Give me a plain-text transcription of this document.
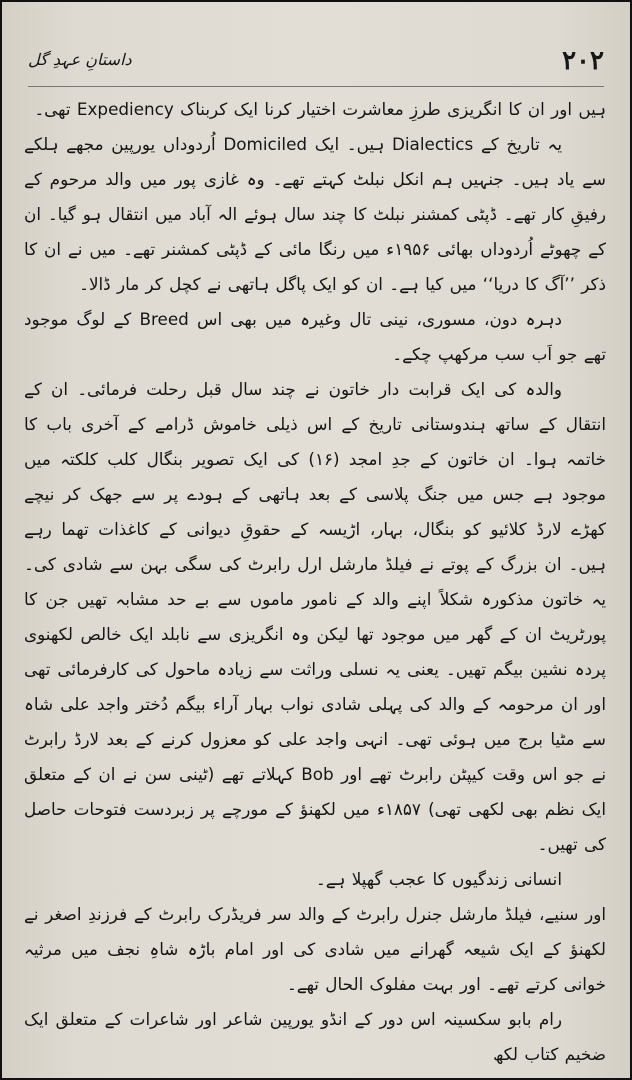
۲۰۲
داستانِ عہدِ گل

ہیں اور ان کا انگریزی طرزِ معاشرت اختیار کرنا ایک کربناک Expediency تھی۔

یہ تاریخ کے Dialectics ہیں۔ ایک Domiciled اُردوداں یورپین مجھے ہلکے سے یاد ہیں۔ جنہیں ہم انکل نبلٹ کہتے تھے۔ وہ غازی پور میں والد مرحوم کے رفیقِ کار تھے۔ ڈپٹی کمشنر نبلٹ کا چند سال ہوئے الہ آباد میں انتقال ہو گیا۔ ان کے چھوٹے اُردوداں بھائی ۱۹۵۶ء میں رنگا مائی کے ڈپٹی کمشنر تھے۔ میں نے ان کا ذکر ’’آگ کا دریا‘‘ میں کیا ہے۔ ان کو ایک پاگل ہاتھی نے کچل کر مار ڈالا۔

دہرہ دون، مسوری، نینی تال وغیرہ میں بھی اس Breed کے لوگ موجود تھے جو اَب سب مرکھپ چکے۔

والدہ کی ایک قرابت دار خاتون نے چند سال قبل رحلت فرمائی۔ ان کے انتقال کے ساتھ ہندوستانی تاریخ کے اس ذیلی خاموش ڈرامے کے آخری باب کا خاتمہ ہوا۔ ان خاتون کے جدِ امجد (۱۶) کی ایک تصویر بنگال کلب کلکتہ میں موجود ہے جس میں جنگ پلاسی کے بعد ہاتھی کے ہودے پر سے جھک کر نیچے کھڑے لارڈ کلائیو کو بنگال، بہار، اڑیسہ کے حقوقِ دیوانی کے کاغذات تھما رہے ہیں۔ ان بزرگ کے پوتے نے فیلڈ مارشل ارل رابرٹ کی سگی بہن سے شادی کی۔ یہ خاتون مذکورہ شکلاً اپنے والد کے نامور ماموں سے بے حد مشابہ تھیں جن کا پورٹریٹ ان کے گھر میں موجود تھا لیکن وہ انگریزی سے نابلد ایک خالص لکھنوی پردہ نشین بیگم تھیں۔ یعنی یہ نسلی وراثت سے زیادہ ماحول کی کارفرمائی تھی اور ان مرحومہ کے والد کی پہلی شادی نواب بہار آراء بیگم دُختر واجد علی شاہ سے مٹیا برج میں ہوئی تھی۔ انہی واجد علی کو معزول کرنے کے بعد لارڈ رابرٹ نے جو اس وقت کیپٹن رابرٹ تھے اور Bob کہلاتے تھے (ٹینی سن نے ان کے متعلق ایک نظم بھی لکھی تھی) ۱۸۵۷ء میں لکھنؤ کے مورچے پر زبردست فتوحات حاصل کی تھیں۔

انسانی زندگیوں کا عجب گھپلا ہے۔

اور سنیے، فیلڈ مارشل جنرل رابرٹ کے والد سر فریڈرک رابرٹ کے فرزندِ اصغر نے لکھنؤ کے ایک شیعہ گھرانے میں شادی کی اور امام باڑہ شاہِ نجف میں مرثیہ خوانی کرتے تھے۔ اور بہت مفلوک الحال تھے۔

رام بابو سکسینہ اس دور کے انڈو یورپین شاعر اور شاعرات کے متعلق ایک ضخیم کتاب لکھ
